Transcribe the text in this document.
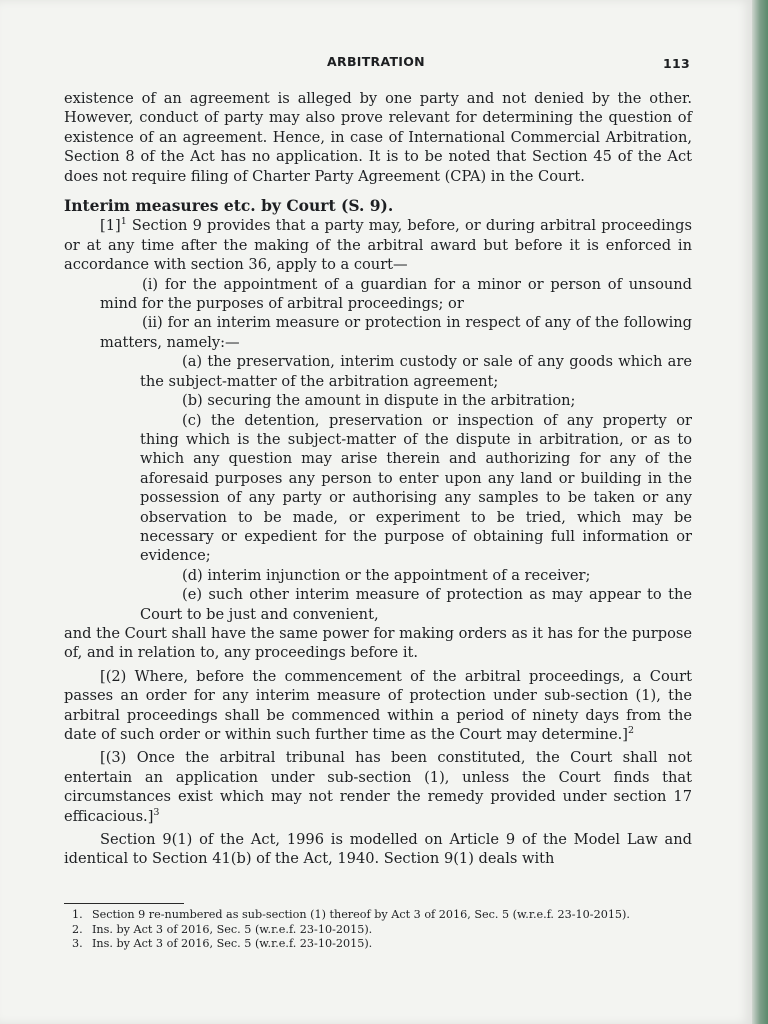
ARBITRATION	113

existence of an agreement is alleged by one party and not denied by the other. However, conduct of party may also prove relevant for determining the question of existence of an agreement. Hence, in case of International Commercial Arbitration, Section 8 of the Act has no application. It is to be noted that Section 45 of the Act does not require filing of Charter Party Agreement (CPA) in the Court.

Interim measures etc. by Court (S. 9).

$[1]^1$ Section 9 provides that a party may, before, or during arbitral proceedings or at any time after the making of the arbitral award but before it is enforced in accordance with section 36, apply to a court—

(i) for the appointment of a guardian for a minor or person of unsound mind for the purposes of arbitral proceedings; or

(ii) for an interim measure or protection in respect of any of the following matters, namely:—

(a) the preservation, interim custody or sale of any goods which are the subject-matter of the arbitration agreement;

(b) securing the amount in dispute in the arbitration;

(c) the detention, preservation or inspection of any property or thing which is the subject-matter of the dispute in arbitration, or as to which any question may arise therein and authorizing for any of the aforesaid purposes any person to enter upon any land or building in the possession of any party or authorising any samples to be taken or any observation to be made, or experiment to be tried, which may be necessary or expedient for the purpose of obtaining full information or evidence;

(d) interim injunction or the appointment of a receiver;

(e) such other interim measure of protection as may appear to the Court to be just and convenient,

and the Court shall have the same power for making orders as it has for the purpose of, and in relation to, any proceedings before it.

[(2) Where, before the commencement of the arbitral proceedings, a Court passes an order for any interim measure of protection under sub-section (1), the arbitral proceedings shall be commenced within a period of ninety days from the date of such order or within such further time as the Court may determine.]$^2$

[(3) Once the arbitral tribunal has been constituted, the Court shall not entertain an application under sub-section (1), unless the Court finds that circumstances exist which may not render the remedy provided under section 17 efficacious.]$^3$

Section 9(1) of the Act, 1996 is modelled on Article 9 of the Model Law and identical to Section 41(b) of the Act, 1940. Section 9(1) deals with

1. Section 9 re-numbered as sub-section (1) thereof by Act 3 of 2016, Sec. 5 (w.r.e.f. 23-10-2015).
2. Ins. by Act 3 of 2016, Sec. 5 (w.r.e.f. 23-10-2015).
3. Ins. by Act 3 of 2016, Sec. 5 (w.r.e.f. 23-10-2015).
